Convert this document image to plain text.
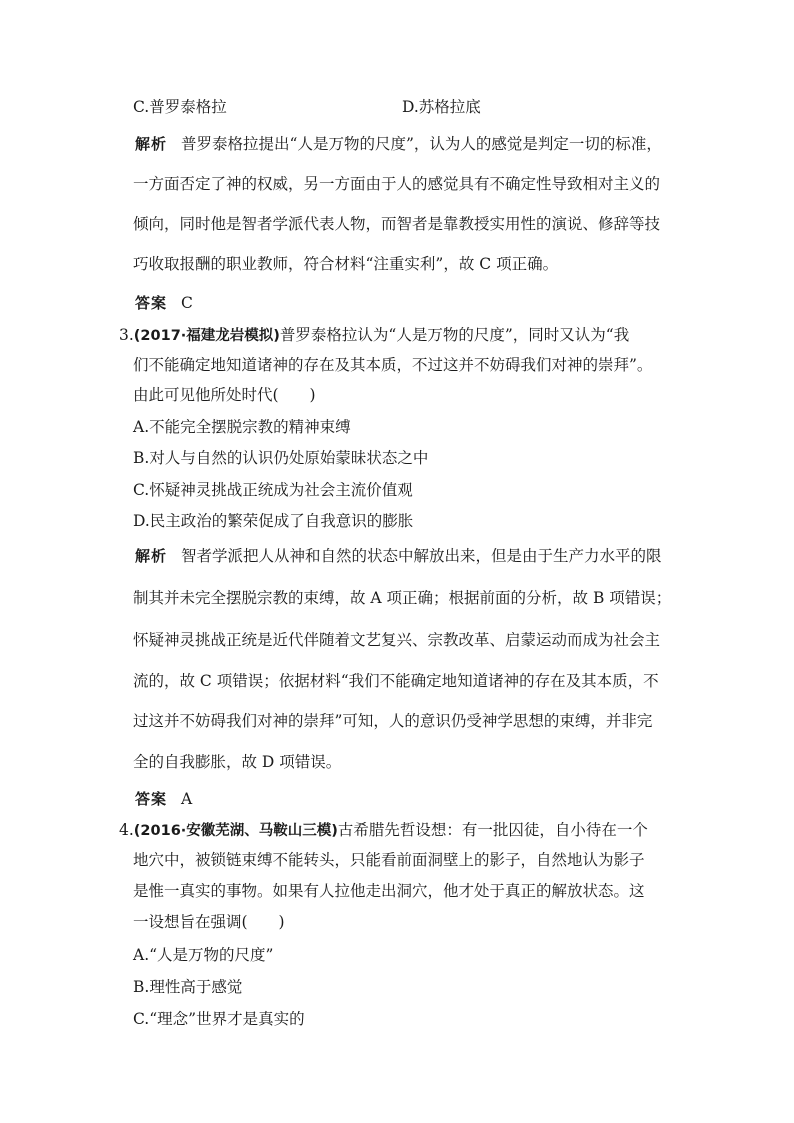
C.普罗泰格拉	D.苏格拉底
解析 普罗泰格拉提出“人是万物的尺度”，认为人的感觉是判定一切的标准，
一方面否定了神的权威，另一方面由于人的感觉具有不确定性导致相对主义的
倾向，同时他是智者学派代表人物，而智者是靠教授实用性的演说、修辞等技
巧收取报酬的职业教师，符合材料“注重实利”，故 C 项正确。
答案 C
3.(2017·福建龙岩模拟)普罗泰格拉认为“人是万物的尺度”，同时又认为“我
们不能确定地知道诸神的存在及其本质，不过这并不妨碍我们对神的崇拜”。
由此可见他所处时代(　　)
A.不能完全摆脱宗教的精神束缚
B.对人与自然的认识仍处原始蒙昧状态之中
C.怀疑神灵挑战正统成为社会主流价值观
D.民主政治的繁荣促成了自我意识的膨胀
解析 智者学派把人从神和自然的状态中解放出来，但是由于生产力水平的限
制其并未完全摆脱宗教的束缚，故 A 项正确；根据前面的分析，故 B 项错误；
怀疑神灵挑战正统是近代伴随着文艺复兴、宗教改革、启蒙运动而成为社会主
流的，故 C 项错误；依据材料“我们不能确定地知道诸神的存在及其本质，不
过这并不妨碍我们对神的崇拜”可知，人的意识仍受神学思想的束缚，并非完
全的自我膨胀，故 D 项错误。
答案 A
4.(2016·安徽芜湖、马鞍山三模)古希腊先哲设想：有一批囚徒，自小待在一个
地穴中，被锁链束缚不能转头，只能看前面洞壁上的影子，自然地认为影子
是惟一真实的事物。如果有人拉他走出洞穴，他才处于真正的解放状态。这
一设想旨在强调(　　)
A.“人是万物的尺度”
B.理性高于感觉
C.“理念”世界才是真实的
